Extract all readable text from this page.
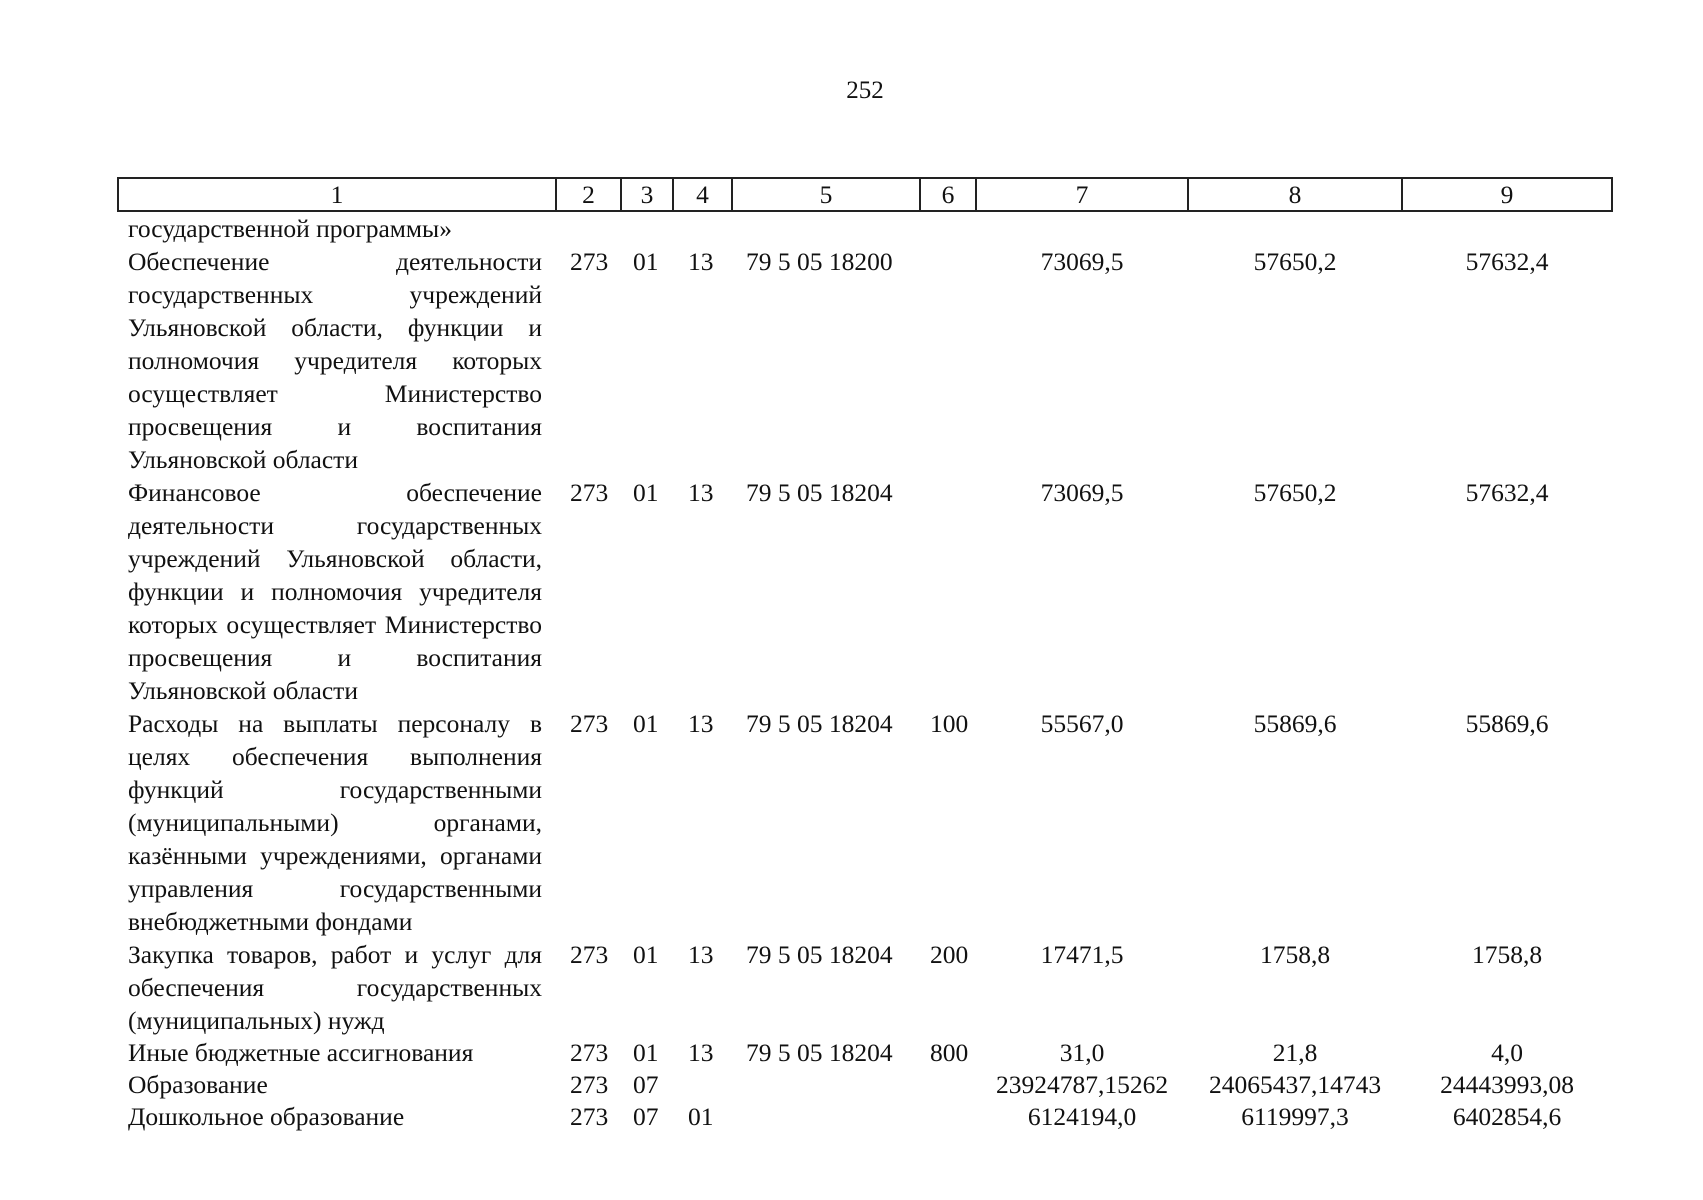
252
1	2	3	4	5	6	7	8	9
государственной программы»								
Обеспечение деятельности государственных учреждений Ульяновской области, функции и полномочия учредителя которых осуществляет Министерство просвещения и воспитания Ульяновской области	273	01	13	79 5 05 18200		73069,5	57650,2	57632,4
Финансовое обеспечение деятельности государственных учреждений Ульяновской области, функции и полномочия учредителя которых осуществляет Министерство просвещения и воспитания Ульяновской области	273	01	13	79 5 05 18204		73069,5	57650,2	57632,4
Расходы на выплаты персоналу в целях обеспечения выполнения функций государственными (муниципальными) органами, казёнными учреждениями, органами управления государственными внебюджетными фондами	273	01	13	79 5 05 18204	100	55567,0	55869,6	55869,6
Закупка товаров, работ и услуг для обеспечения государственных (муниципальных) нужд	273	01	13	79 5 05 18204	200	17471,5	1758,8	1758,8
Иные бюджетные ассигнования	273	01	13	79 5 05 18204	800	31,0	21,8	4,0
Образование	273	07				23924787,15262	24065437,14743	24443993,08
Дошкольное образование	273	07	01			6124194,0	6119997,3	6402854,6
